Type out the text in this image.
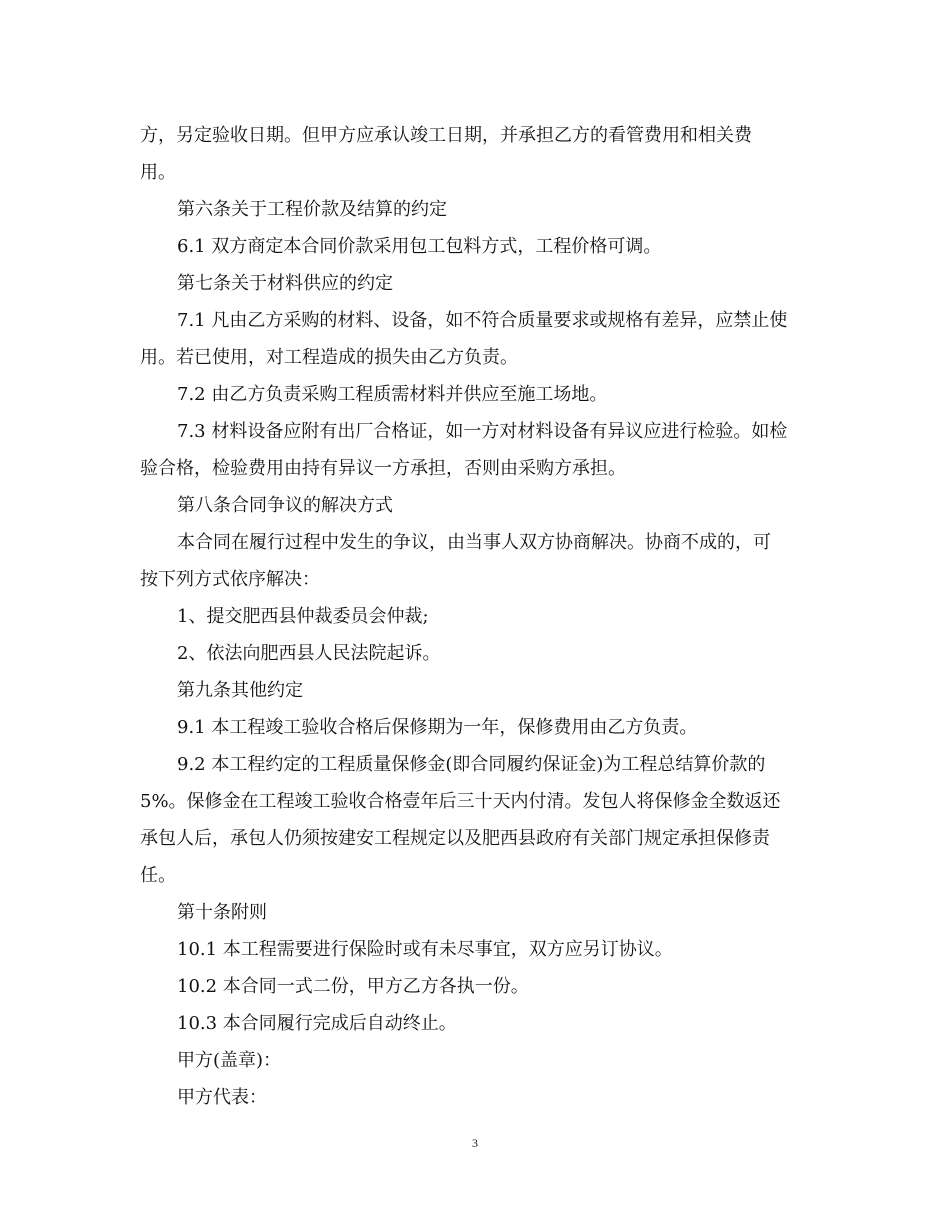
方，另定验收日期。但甲方应承认竣工日期，并承担乙方的看管费用和相关费
用。
第六条关于工程价款及结算的约定
6.1 双方商定本合同价款采用包工包料方式，工程价格可调。
第七条关于材料供应的约定
7.1 凡由乙方采购的材料、设备，如不符合质量要求或规格有差异，应禁止使
用。若已使用，对工程造成的损失由乙方负责。
7.2 由乙方负责采购工程质需材料并供应至施工场地。
7.3 材料设备应附有出厂合格证，如一方对材料设备有异议应进行检验。如检
验合格，检验费用由持有异议一方承担，否则由采购方承担。
第八条合同争议的解决方式
本合同在履行过程中发生的争议，由当事人双方协商解决。协商不成的，可
按下列方式依序解决：
1、提交肥西县仲裁委员会仲裁;
2、依法向肥西县人民法院起诉。
第九条其他约定
9.1 本工程竣工验收合格后保修期为一年，保修费用由乙方负责。
9.2 本工程约定的工程质量保修金(即合同履约保证金)为工程总结算价款的
5%。保修金在工程竣工验收合格壹年后三十天内付清。发包人将保修金全数返还
承包人后，承包人仍须按建安工程规定以及肥西县政府有关部门规定承担保修责
任。
第十条附则
10.1 本工程需要进行保险时或有未尽事宜，双方应另订协议。
10.2 本合同一式二份，甲方乙方各执一份。
10.3 本合同履行完成后自动终止。
甲方(盖章)：
甲方代表：
3
